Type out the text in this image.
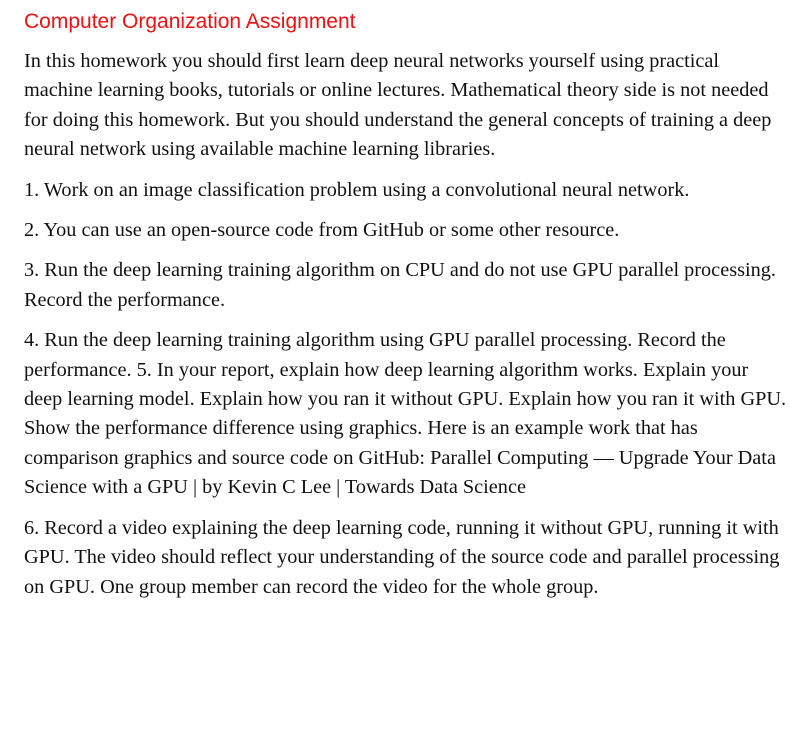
Computer Organization Assignment

In this homework you should first learn deep neural networks yourself using practical machine learning books, tutorials or online lectures. Mathematical theory side is not needed for doing this homework. But you should understand the general concepts of training a deep neural network using available machine learning libraries.

1. Work on an image classification problem using a convolutional neural network.

2. You can use an open-source code from GitHub or some other resource.

3. Run the deep learning training algorithm on CPU and do not use GPU parallel processing. Record the performance.

4. Run the deep learning training algorithm using GPU parallel processing. Record the performance. 5. In your report, explain how deep learning algorithm works. Explain your deep learning model. Explain how you ran it without GPU. Explain how you ran it with GPU. Show the performance difference using graphics. Here is an example work that has comparison graphics and source code on GitHub: Parallel Computing — Upgrade Your Data Science with a GPU | by Kevin C Lee | Towards Data Science

6. Record a video explaining the deep learning code, running it without GPU, running it with GPU. The video should reflect your understanding of the source code and parallel processing on GPU. One group member can record the video for the whole group.
